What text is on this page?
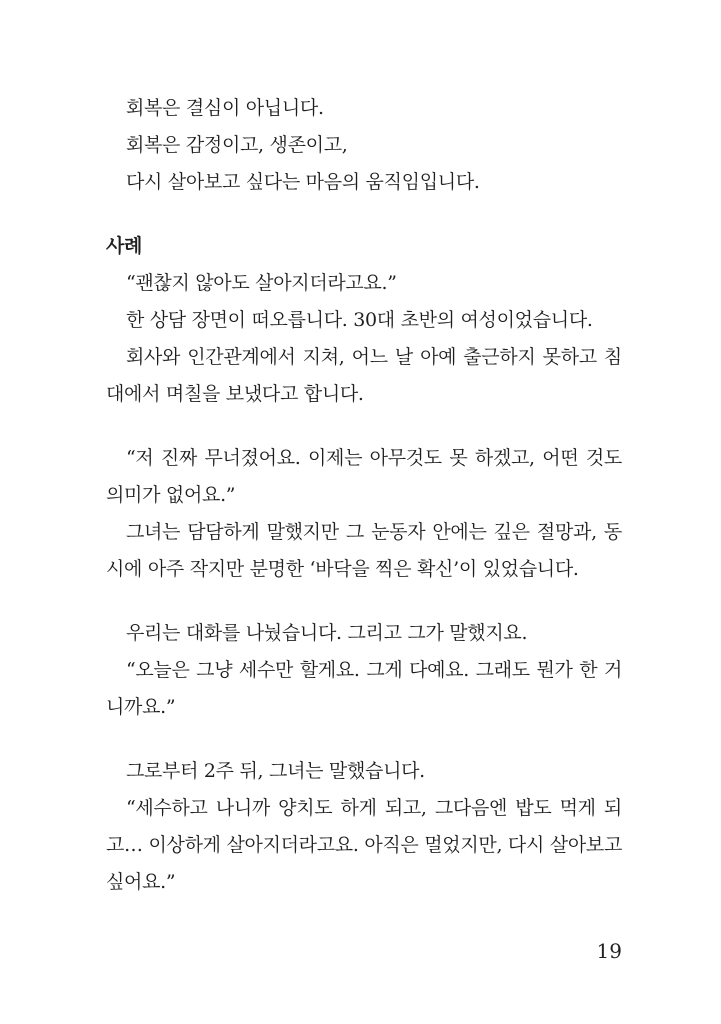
회복은 결심이 아닙니다.

회복은 감정이고, 생존이고,

다시 살아보고 싶다는 마음의 움직임입니다.

사례

“괜찮지 않아도 살아지더라고요.”

한 상담 장면이 떠오릅니다. 30대 초반의 여성이었습니다.

회사와 인간관계에서 지쳐, 어느 날 아예 출근하지 못하고 침대에서 며칠을 보냈다고 합니다.

“저 진짜 무너졌어요. 이제는 아무것도 못 하겠고, 어떤 것도 의미가 없어요.”

그녀는 담담하게 말했지만 그 눈동자 안에는 깊은 절망과, 동시에 아주 작지만 분명한 ‘바닥을 찍은 확신’이 있었습니다.

우리는 대화를 나눴습니다. 그리고 그가 말했지요.

“오늘은 그냥 세수만 할게요. 그게 다예요. 그래도 뭔가 한 거니까요.”

그로부터 2주 뒤, 그녀는 말했습니다.

“세수하고 나니까 양치도 하게 되고, 그다음엔 밥도 먹게 되고… 이상하게 살아지더라고요. 아직은 멀었지만, 다시 살아보고 싶어요.”

19
